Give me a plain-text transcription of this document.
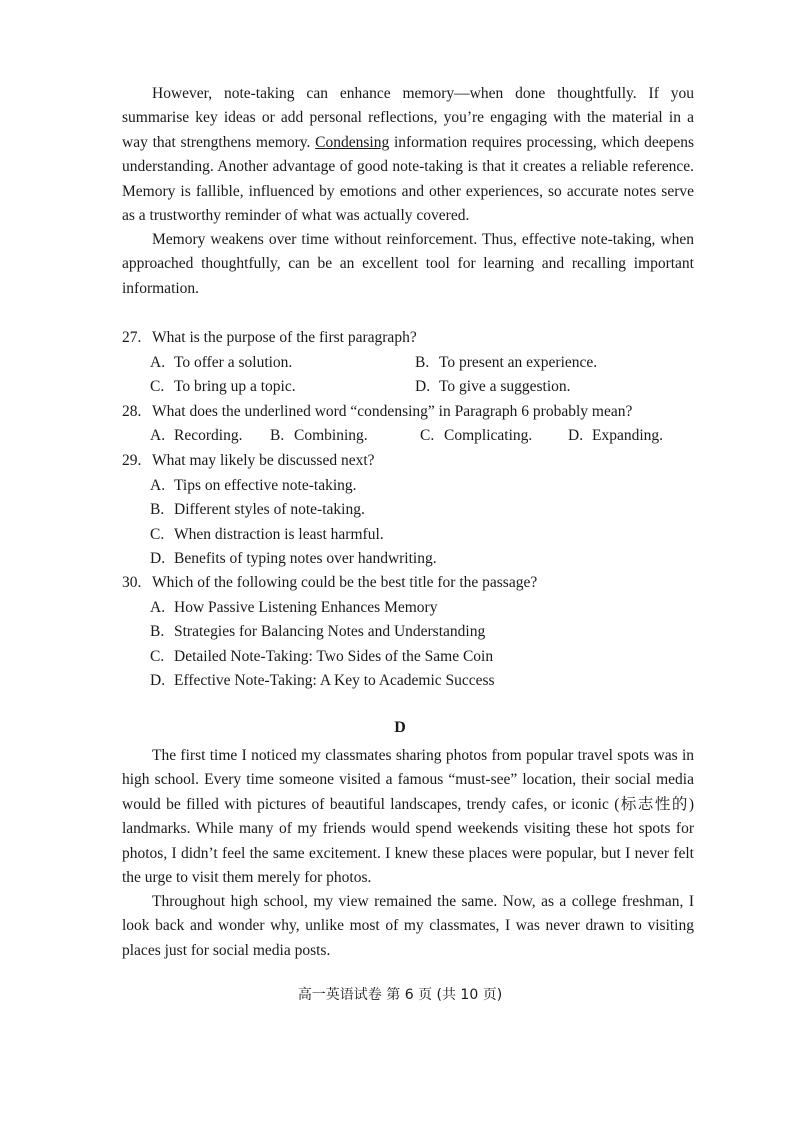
However, note-taking can enhance memory—when done thoughtfully. If you summarise key ideas or add personal reflections, you’re engaging with the material in a way that strengthens memory. Condensing information requires processing, which deepens understanding. Another advantage of good note-taking is that it creates a reliable reference. Memory is fallible, influenced by emotions and other experiences, so accurate notes serve as a trustworthy reminder of what was actually covered.

Memory weakens over time without reinforcement. Thus, effective note-taking, when approached thoughtfully, can be an excellent tool for learning and recalling important information.

27. What is the purpose of the first paragraph?
A. To offer a solution.	B. To present an experience.
C. To bring up a topic.	D. To give a suggestion.
28. What does the underlined word “condensing” in Paragraph 6 probably mean?
A. Recording. B. Combining.	C. Complicating. D. Expanding.
29. What may likely be discussed next?
A. Tips on effective note-taking.
B. Different styles of note-taking.
C. When distraction is least harmful.
D. Benefits of typing notes over handwriting.
30. Which of the following could be the best title for the passage?
A. How Passive Listening Enhances Memory
B. Strategies for Balancing Notes and Understanding
C. Detailed Note-Taking: Two Sides of the Same Coin
D. Effective Note-Taking: A Key to Academic Success
D

The first time I noticed my classmates sharing photos from popular travel spots was in high school. Every time someone visited a famous “must-see” location, their social media would be filled with pictures of beautiful landscapes, trendy cafes, or iconic (标志性的) landmarks. While many of my friends would spend weekends visiting these hot spots for photos, I didn’t feel the same excitement. I knew these places were popular, but I never felt the urge to visit them merely for photos.

Throughout high school, my view remained the same. Now, as a college freshman, I look back and wonder why, unlike most of my classmates, I was never drawn to visiting places just for social media posts.

高一英语试卷 第 6 页 (共 10 页)
